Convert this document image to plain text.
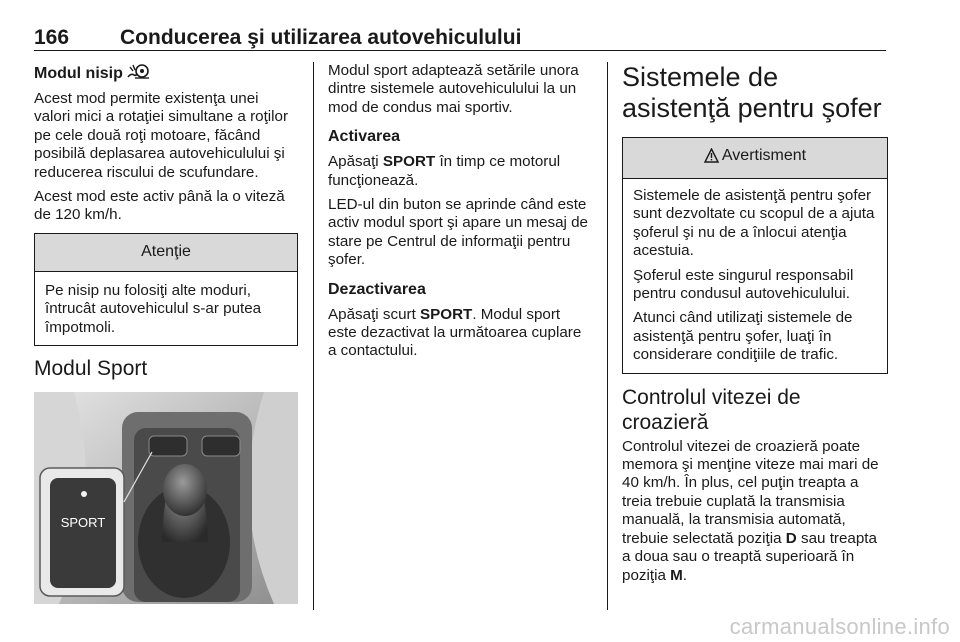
166 Conducerea şi utilizarea autovehiculului
Modul nisip

Acest mod permite existenţa unei valori mici a rotaţiei simultane a roţilor pe cele două roţi motoare, făcând posibilă deplasarea autovehiculului şi reducerea riscului de scufundare.

Acest mod este activ până la o viteză de 120 km/h.

Atenţie

Pe nisip nu folosiţi alte moduri, întrucât autovehiculul s-ar putea împotmoli.

Modul Sport
SPORT

Modul sport adaptează setările unora dintre sistemele autovehiculului la un mod de condus mai sportiv.

Activarea

Apăsaţi SPORT în timp ce motorul funcţionează.

LED-ul din buton se aprinde când este activ modul sport şi apare un mesaj de stare pe Centrul de informaţii pentru şofer.

Dezactivarea

Apăsaţi scurt SPORT. Modul sport este dezactivat la următoarea cuplare a contactului.

Sistemele de asistenţă pentru şofer
Avertisment

Sistemele de asistenţă pentru şofer sunt dezvoltate cu scopul de a ajuta şoferul şi nu de a înlocui atenţia acestuia.

Şoferul este singurul responsabil pentru condusul autovehiculului.

Atunci când utilizaţi sistemele de asistenţă pentru şofer, luaţi în considerare condiţiile de trafic.

Controlul vitezei de croazieră

Controlul vitezei de croazieră poate memora şi menţine viteze mai mari de 40 km/h. În plus, cel puţin treapta a treia trebuie cuplată la transmisia manuală, la transmisia automată, trebuie selectată poziţia D sau treapta a doua sau o treaptă superioară în poziţia M.

carmanualsonline.info
